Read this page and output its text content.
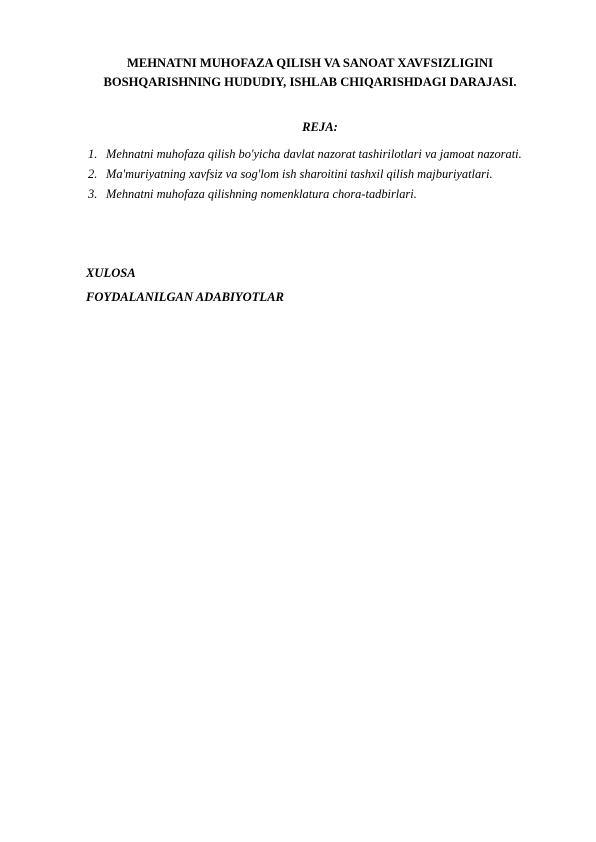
MEHNATNI MUHOFAZA QILISH VA SANOAT XAVFSIZLIGINI
BOSHQARISHNING HUDUDIY, ISHLAB CHIQARISHDAGI DARAJASI.
REJA:
1. Mehnatni muhofaza qilish bo'yicha davlat nazorat tashirilotlari va jamoat nazorati.
2. Ma'muriyatning xavfsiz va sog'lom ish sharoitini tashxil qilish majburiyatlari.
3. Mehnatni muhofaza qilishning nomenklatura chora-tadbirlari.
XULOSA
FOYDALANILGAN ADABIYOTLAR
